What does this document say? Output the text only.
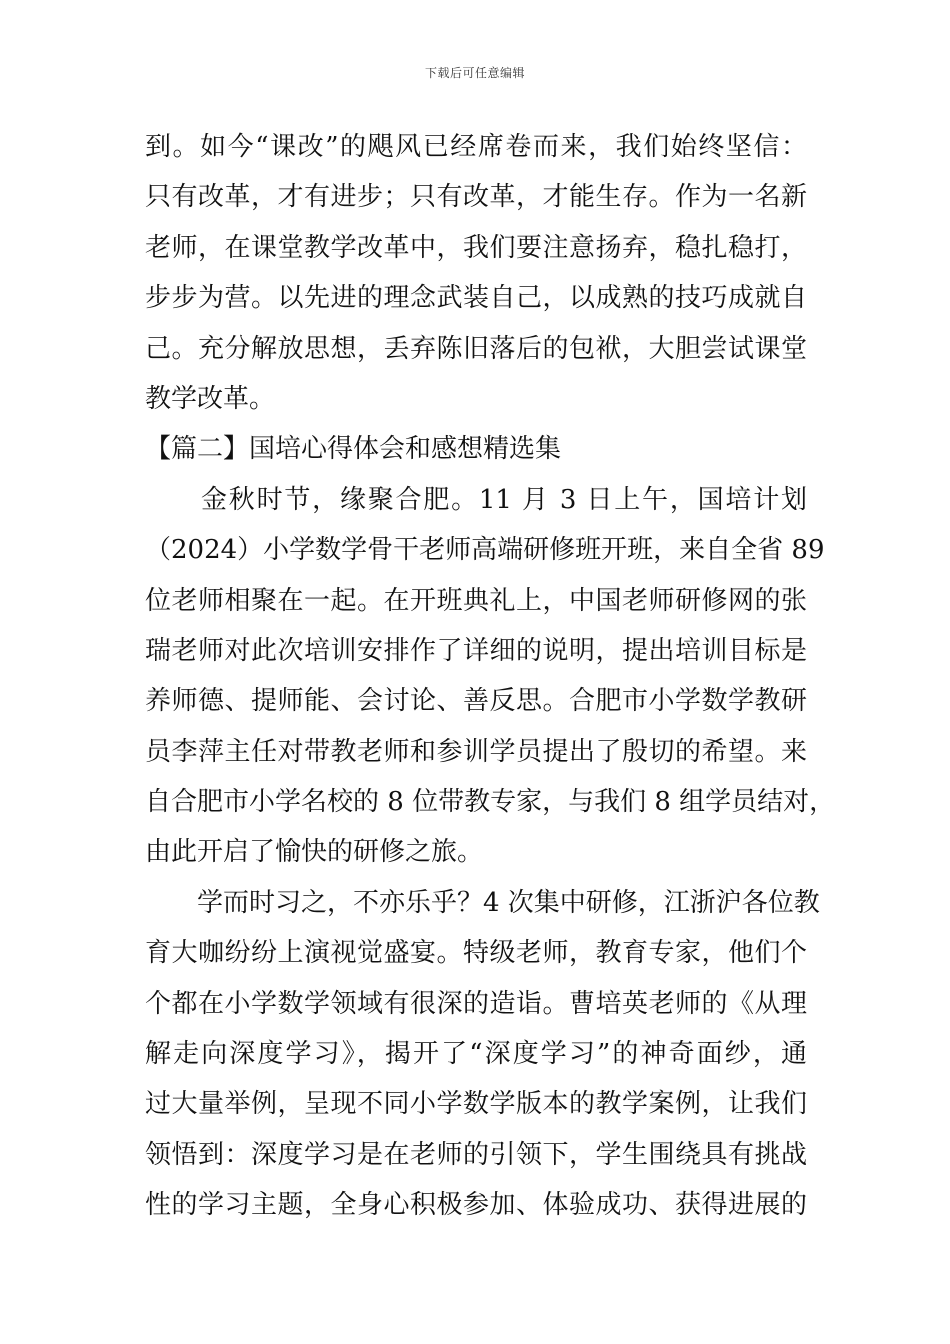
下载后可任意编辑
到。如今“课改”的飓风已经席卷而来，我们始终坚信：
只有改革，才有进步；只有改革，才能生存。作为一名新
老师，在课堂教学改革中，我们要注意扬弃，稳扎稳打，
步步为营。以先进的理念武装自己，以成熟的技巧成就自
己。充分解放思想，丢弃陈旧落后的包袱，大胆尝试课堂
教学改革。
【篇二】国培心得体会和感想精选集
金秋时节，缘聚合肥。11 月 3 日上午，国培计划
（2024）小学数学骨干老师高端研修班开班，来自全省 89
位老师相聚在一起。在开班典礼上，中国老师研修网的张
瑞老师对此次培训安排作了详细的说明，提出培训目标是
养师德、提师能、会讨论、善反思。合肥市小学数学教研
员李萍主任对带教老师和参训学员提出了殷切的希望。来
自合肥市小学名校的 8 位带教专家，与我们 8 组学员结对，
由此开启了愉快的研修之旅。
学而时习之，不亦乐乎？4 次集中研修，江浙沪各位教
育大咖纷纷上演视觉盛宴。特级老师，教育专家，他们个
个都在小学数学领域有很深的造诣。曹培英老师的《从理
解走向深度学习》，揭开了“深度学习”的神奇面纱，通
过大量举例，呈现不同小学数学版本的教学案例，让我们
领悟到：深度学习是在老师的引领下，学生围绕具有挑战
性的学习主题，全身心积极参加、体验成功、获得进展的
